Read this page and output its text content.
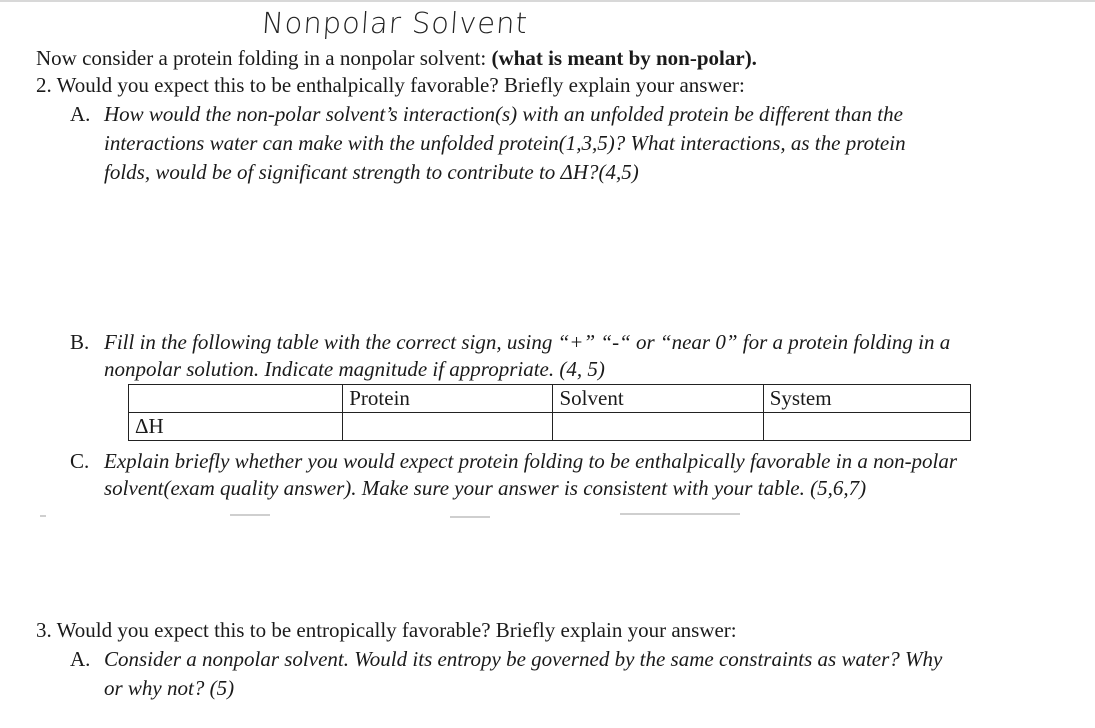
Nonpolar Solvent
Now consider a protein folding in a nonpolar solvent: (what is meant by non-polar).
2. Would you expect this to be enthalpically favorable? Briefly explain your answer:
A. How would the non-polar solvent’s interaction(s) with an unfolded protein be different than the
interactions water can make with the unfolded protein(1,3,5)? What interactions, as the protein
folds, would be of significant strength to contribute to ΔH?(4,5)
B. Fill in the following table with the correct sign, using “+” “-“ or “near 0” for a protein folding in a
nonpolar solution. Indicate magnitude if appropriate. (4, 5)
	Protein	Solvent	System
ΔH			
C. Explain briefly whether you would expect protein folding to be enthalpically favorable in a non-polar
solvent(exam quality answer). Make sure your answer is consistent with your table. (5,6,7)
3. Would you expect this to be entropically favorable? Briefly explain your answer:
A. Consider a nonpolar solvent. Would its entropy be governed by the same constraints as water? Why
or why not? (5)
